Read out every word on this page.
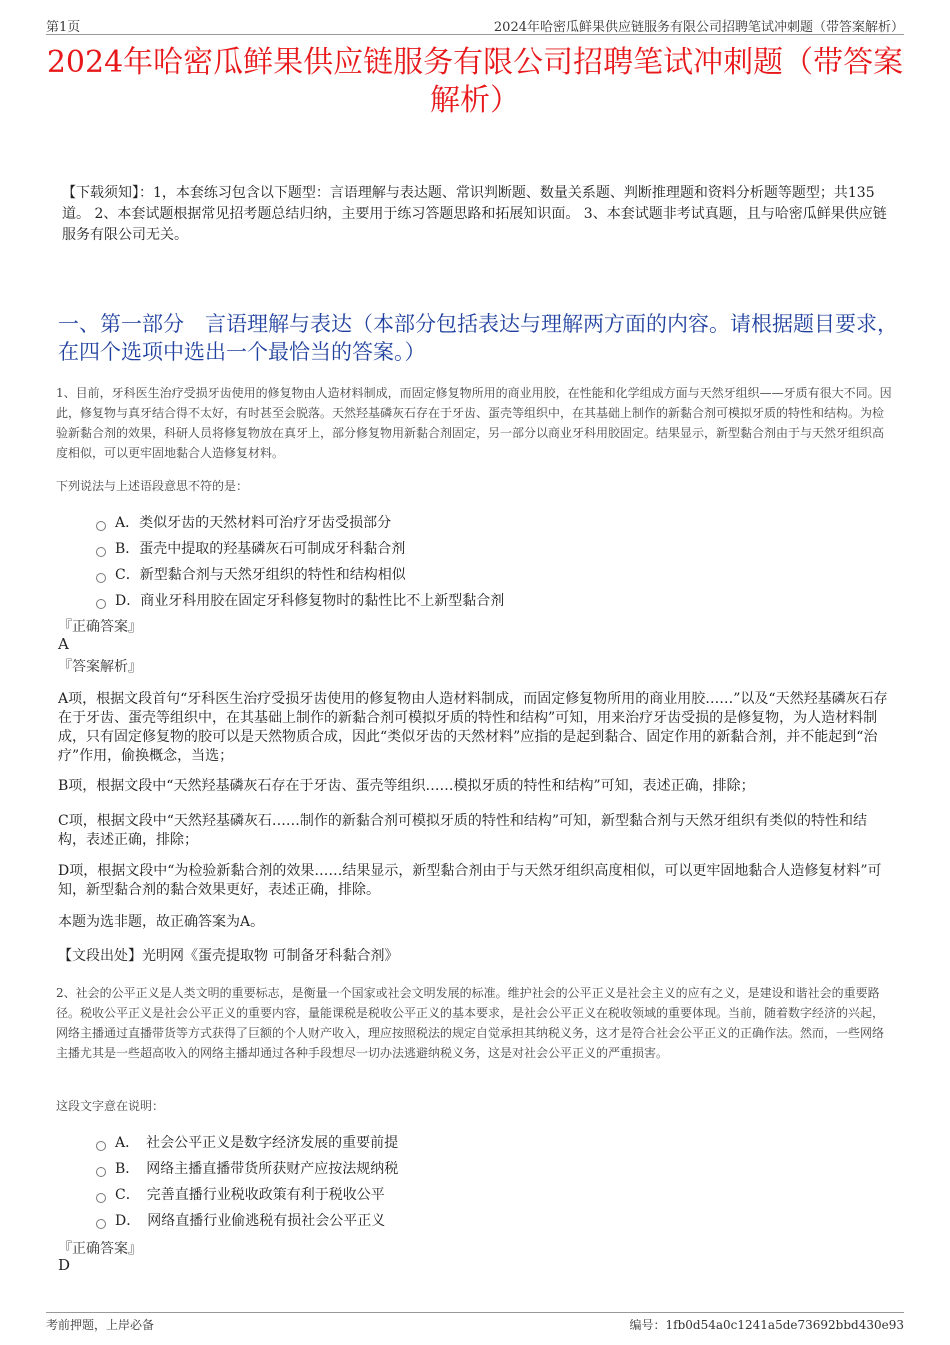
第1页	2024年哈密瓜鲜果供应链服务有限公司招聘笔试冲刺题（带答案解析）
2024年哈密瓜鲜果供应链服务有限公司招聘笔试冲刺题（带答案解析）
【下载须知】：1，本套练习包含以下题型：言语理解与表达题、常识判断题、数量关系题、判断推理题和资料分析题等题型；共135道。 2、本套试题根据常见招考题总结归纳，主要用于练习答题思路和拓展知识面。 3、本套试题非考试真题，且与哈密瓜鲜果供应链服务有限公司无关。
一、第一部分　言语理解与表达（本部分包括表达与理解两方面的内容。请根据题目要求，在四个选项中选出一个最恰当的答案。）
1、目前，牙科医生治疗受损牙齿使用的修复物由人造材料制成，而固定修复物所用的商业用胶，在性能和化学组成方面与天然牙组织——牙质有很大不同。因此，修复物与真牙结合得不太好，有时甚至会脱落。天然羟基磷灰石存在于牙齿、蛋壳等组织中，在其基础上制作的新黏合剂可模拟牙质的特性和结构。为检验新黏合剂的效果，科研人员将修复物放在真牙上，部分修复物用新黏合剂固定，另一部分以商业牙科用胶固定。结果显示，新型黏合剂由于与天然牙组织高度相似，可以更牢固地黏合人造修复材料。
下列说法与上述语段意思不符的是：
A．类似牙齿的天然材料可治疗牙齿受损部分
B．蛋壳中提取的羟基磷灰石可制成牙科黏合剂
C．新型黏合剂与天然牙组织的特性和结构相似
D．商业牙科用胶在固定牙科修复物时的黏性比不上新型黏合剂
『正确答案』
A
『答案解析』
A项，根据文段首句“牙科医生治疗受损牙齿使用的修复物由人造材料制成，而固定修复物所用的商业用胶……”以及“天然羟基磷灰石存在于牙齿、蛋壳等组织中，在其基础上制作的新黏合剂可模拟牙质的特性和结构”可知，用来治疗牙齿受损的是修复物，为人造材料制成，只有固定修复物的胶可以是天然物质合成，因此“类似牙齿的天然材料”应指的是起到黏合、固定作用的新黏合剂，并不能起到“治疗”作用，偷换概念，当选；
B项，根据文段中“天然羟基磷灰石存在于牙齿、蛋壳等组织……模拟牙质的特性和结构”可知，表述正确，排除；
C项，根据文段中“天然羟基磷灰石……制作的新黏合剂可模拟牙质的特性和结构”可知，新型黏合剂与天然牙组织有类似的特性和结构，表述正确，排除；
D项，根据文段中“为检验新黏合剂的效果……结果显示，新型黏合剂由于与天然牙组织高度相似，可以更牢固地黏合人造修复材料”可知，新型黏合剂的黏合效果更好，表述正确，排除。
本题为选非题，故正确答案为A。
【文段出处】光明网《蛋壳提取物 可制备牙科黏合剂》
2、社会的公平正义是人类文明的重要标志，是衡量一个国家或社会文明发展的标准。维护社会的公平正义是社会主义的应有之义，是建设和谐社会的重要路径。税收公平正义是社会公平正义的重要内容，量能课税是税收公平正义的基本要求，是社会公平正义在税收领域的重要体现。当前，随着数字经济的兴起，网络主播通过直播带货等方式获得了巨额的个人财产收入，理应按照税法的规定自觉承担其纳税义务，这才是符合社会公平正义的正确作法。然而，一些网络主播尤其是一些超高收入的网络主播却通过各种手段想尽一切办法逃避纳税义务，这是对社会公平正义的严重损害。
这段文字意在说明：
A．　社会公平正义是数字经济发展的重要前提
B．　网络主播直播带货所获财产应按法规纳税
C．　完善直播行业税收政策有利于税收公平
D．　网络直播行业偷逃税有损社会公平正义
『正确答案』
D
考前押题，上岸必备	编号：1fb0d54a0c1241a5de73692bbd430e93
